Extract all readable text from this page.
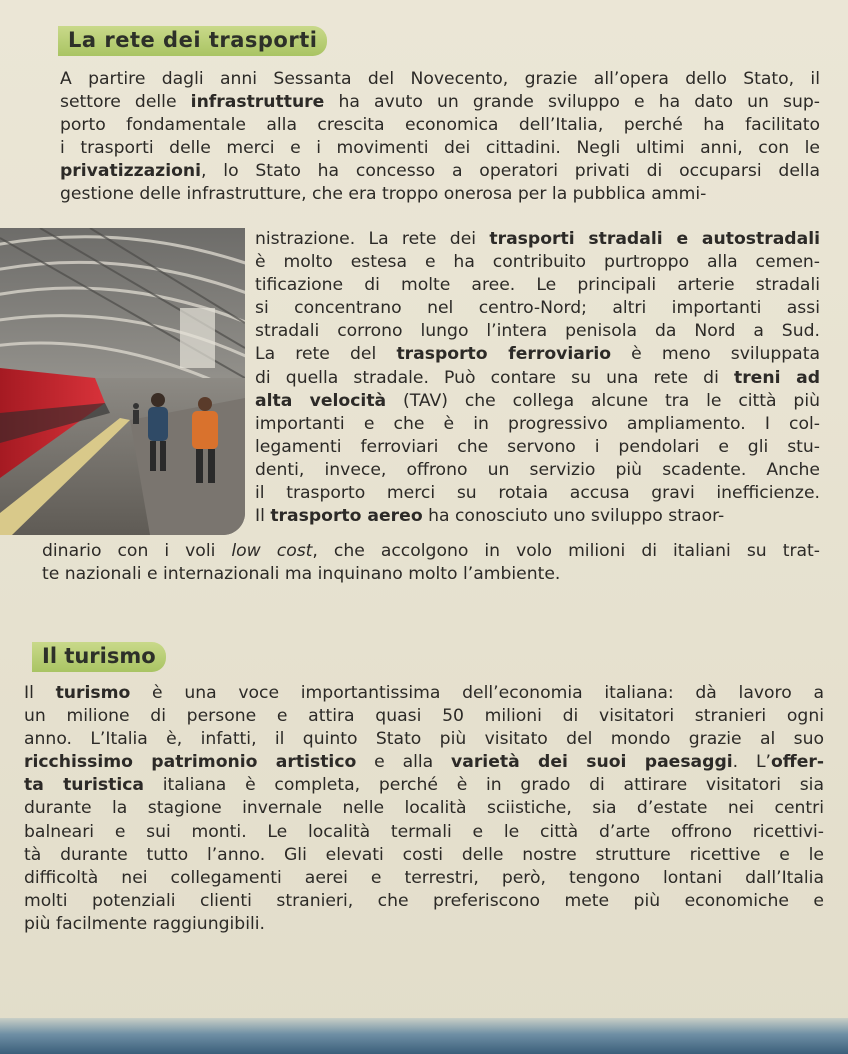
La rete dei trasporti
A partire dagli anni Sessanta del Novecento, grazie all’opera dello Stato, il
settore delle infrastrutture ha avuto un grande sviluppo e ha dato un sup-
porto fondamentale alla crescita economica dell’Italia, perché ha facilitato
i trasporti delle merci e i movimenti dei cittadini. Negli ultimi anni, con le
privatizzazioni, lo Stato ha concesso a operatori privati di occuparsi della
gestione delle infrastrutture, che era troppo onerosa per la pubblica ammi-
nistrazione. La rete dei trasporti stradali e autostradali
è molto estesa e ha contribuito purtroppo alla cemen-
tificazione di molte aree. Le principali arterie stradali
si concentrano nel centro-Nord; altri importanti assi
stradali corrono lungo l’intera penisola da Nord a Sud.
La rete del trasporto ferroviario è meno sviluppata
di quella stradale. Può contare su una rete di treni ad
alta velocità (TAV) che collega alcune tra le città più
importanti e che è in progressivo ampliamento. I col-
legamenti ferroviari che servono i pendolari e gli stu-
denti, invece, offrono un servizio più scadente. Anche
il trasporto merci su rotaia accusa gravi inefficienze.
Il trasporto aereo ha conosciuto uno sviluppo straor-
dinario con i voli low cost, che accolgono in volo milioni di italiani su trat-
te nazionali e internazionali ma inquinano molto l’ambiente.
Il turismo
Il turismo è una voce importantissima dell’economia italiana: dà lavoro a
un milione di persone e attira quasi 50 milioni di visitatori stranieri ogni
anno. L’Italia è, infatti, il quinto Stato più visitato del mondo grazie al suo
ricchissimo patrimonio artistico e alla varietà dei suoi paesaggi. L’offer-
ta turistica italiana è completa, perché è in grado di attirare visitatori sia
durante la stagione invernale nelle località sciistiche, sia d’estate nei centri
balneari e sui monti. Le località termali e le città d’arte offrono ricettivi-
tà durante tutto l’anno. Gli elevati costi delle nostre strutture ricettive e le
difficoltà nei collegamenti aerei e terrestri, però, tengono lontani dall’Italia
molti potenziali clienti stranieri, che preferiscono mete più economiche e
più facilmente raggiungibili.
